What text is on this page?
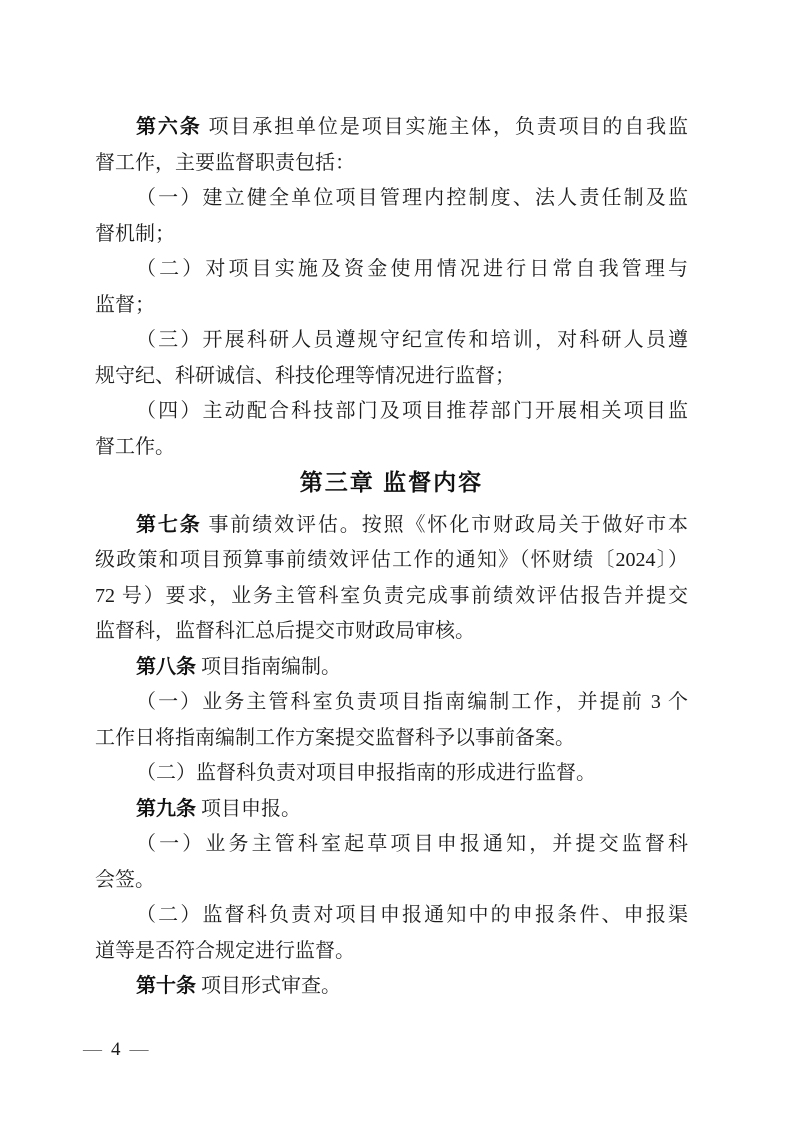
第六条 项目承担单位是项目实施主体，负责项目的自我监
督工作，主要监督职责包括：
（一）建立健全单位项目管理内控制度、法人责任制及监
督机制；
（二）对项目实施及资金使用情况进行日常自我管理与
监督；
（三）开展科研人员遵规守纪宣传和培训，对科研人员遵
规守纪、科研诚信、科技伦理等情况进行监督；
（四）主动配合科技部门及项目推荐部门开展相关项目监
督工作。
第三章 监督内容
第七条 事前绩效评估。按照《怀化市财政局关于做好市本
级政策和项目预算事前绩效评估工作的通知》（怀财绩〔2024〕）
72 号）要求，业务主管科室负责完成事前绩效评估报告并提交
监督科，监督科汇总后提交市财政局审核。
第八条 项目指南编制。
（一）业务主管科室负责项目指南编制工作，并提前 3 个
工作日将指南编制工作方案提交监督科予以事前备案。
（二）监督科负责对项目申报指南的形成进行监督。
第九条 项目申报。
（一）业务主管科室起草项目申报通知，并提交监督科
会签。
（二）监督科负责对项目申报通知中的申报条件、申报渠
道等是否符合规定进行监督。
第十条 项目形式审查。
— 4 —
